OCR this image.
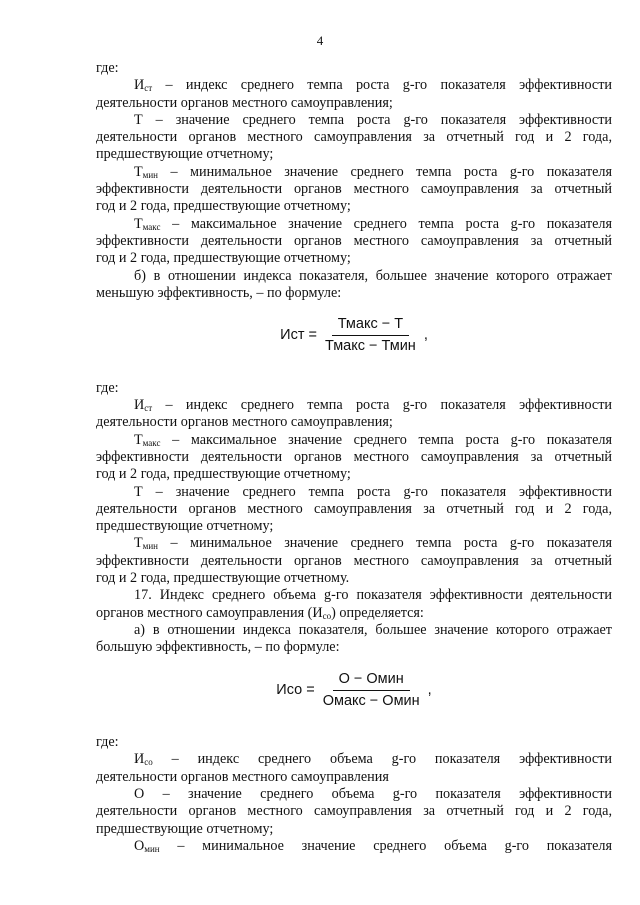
4

где:

$И_{ст}$ – индекс среднего темпа роста g-го показателя эффективности

деятельности органов местного самоуправления;

Т – значение среднего темпа роста g-го показателя эффективности

деятельности органов местного самоуправления за отчетный год и 2 года,

предшествующие отчетному;

$Т_{мин}$ – минимальное значение среднего темпа роста g-го показателя

эффективности деятельности органов местного самоуправления за отчетный

год и 2 года, предшествующие отчетному;

$Т_{макс}$ – максимальное значение среднего темпа роста g-го показателя

эффективности деятельности органов местного самоуправления за отчетный

год и 2 года, предшествующие отчетному;

б) в отношении индекса показателя, большее значение которого отражает

меньшую эффективность, – по формуле:

Ист = $\frac{\text{Тмакс − Т}}{\text{Тмакс − Тмин}}$ ,

где:

$И_{ст}$ – индекс среднего темпа роста g-го показателя эффективности

деятельности органов местного самоуправления;

$Т_{макс}$ – максимальное значение среднего темпа роста g-го показателя

эффективности деятельности органов местного самоуправления за отчетный

год и 2 года, предшествующие отчетному;

Т – значение среднего темпа роста g-го показателя эффективности

деятельности органов местного самоуправления за отчетный год и 2 года,

предшествующие отчетному;

$Т_{мин}$ – минимальное значение среднего темпа роста g-го показателя

эффективности деятельности органов местного самоуправления за отчетный

год и 2 года, предшествующие отчетному.

17. Индекс среднего объема g-го показателя эффективности деятельности

органов местного самоуправления $(И_{со})$ определяется:

а) в отношении индекса показателя, большее значение которого отражает

большую эффективность, – по формуле:

Исо = $\frac{\text{О − Омин}}{\text{Омакс − Омин}}$ ,

где:

$И_{со}$ – индекс среднего объема g-го показателя эффективности

деятельности органов местного самоуправления

О – значение среднего объема g-го показателя эффективности

деятельности органов местного самоуправления за отчетный год и 2 года,

предшествующие отчетному;

$О_{мин}$ – минимальное значение среднего объема g-го показателя
